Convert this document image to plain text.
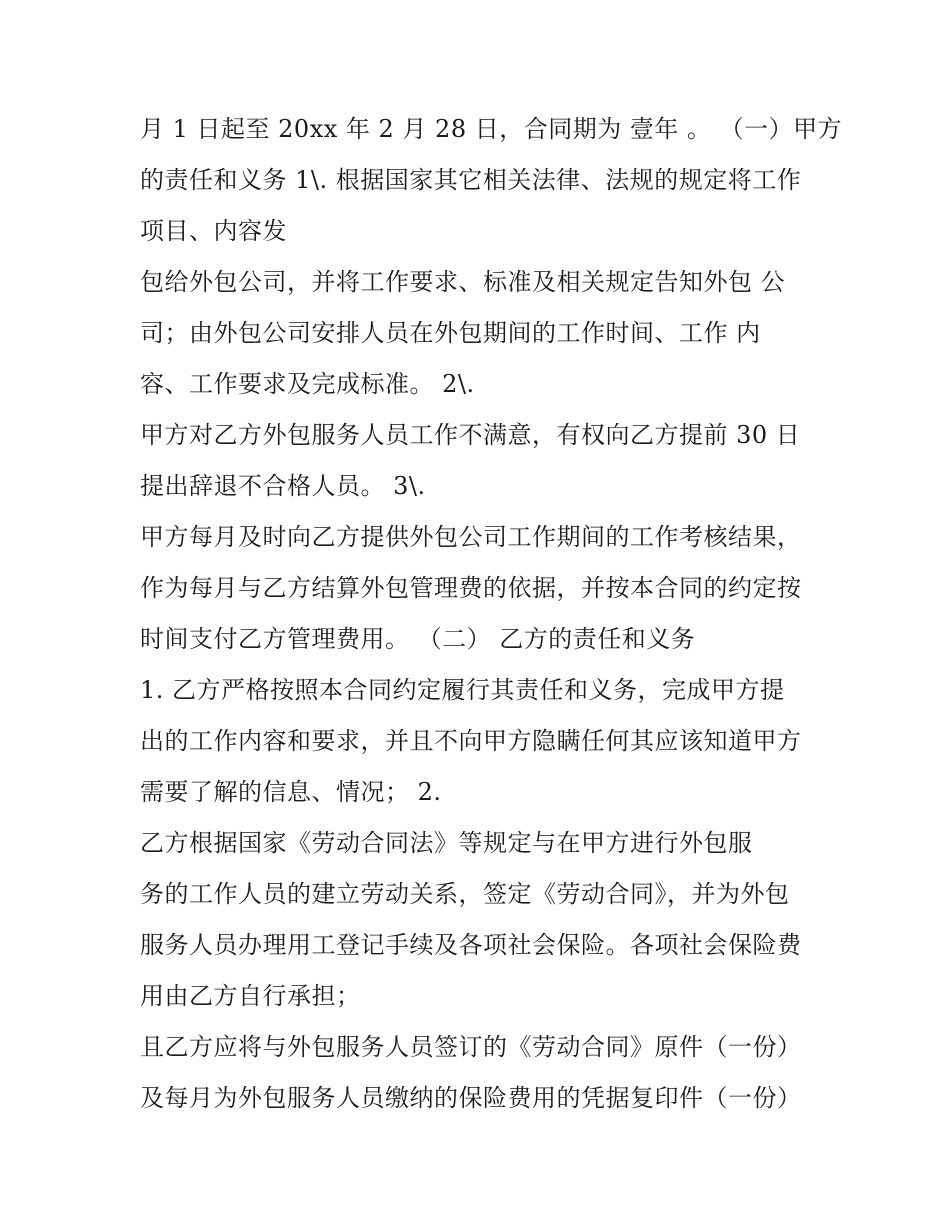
月 1 日起至 20xx 年 2 月 28 日，合同期为 壹年 。 （一）甲方
的责任和义务 1\. 根据国家其它相关法律、法规的规定将工作
项目、内容发
包给外包公司，并将工作要求、标准及相关规定告知外包 公
司；由外包公司安排人员在外包期间的工作时间、工作 内
容、工作要求及完成标准。 2\.
甲方对乙方外包服务人员工作不满意，有权向乙方提前 30 日
提出辞退不合格人员。 3\.
甲方每月及时向乙方提供外包公司工作期间的工作考核结果，
作为每月与乙方结算外包管理费的依据，并按本合同的约定按
时间支付乙方管理费用。 （二） 乙方的责任和义务
1. 乙方严格按照本合同约定履行其责任和义务，完成甲方提
出的工作内容和要求，并且不向甲方隐瞒任何其应该知道甲方
需要了解的信息、情况； 2.
乙方根据国家《劳动合同法》等规定与在甲方进行外包服
务的工作人员的建立劳动关系，签定《劳动合同》，并为外包
服务人员办理用工登记手续及各项社会保险。各项社会保险费
用由乙方自行承担；
且乙方应将与外包服务人员签订的《劳动合同》原件（一份）
及每月为外包服务人员缴纳的保险费用的凭据复印件（一份）
